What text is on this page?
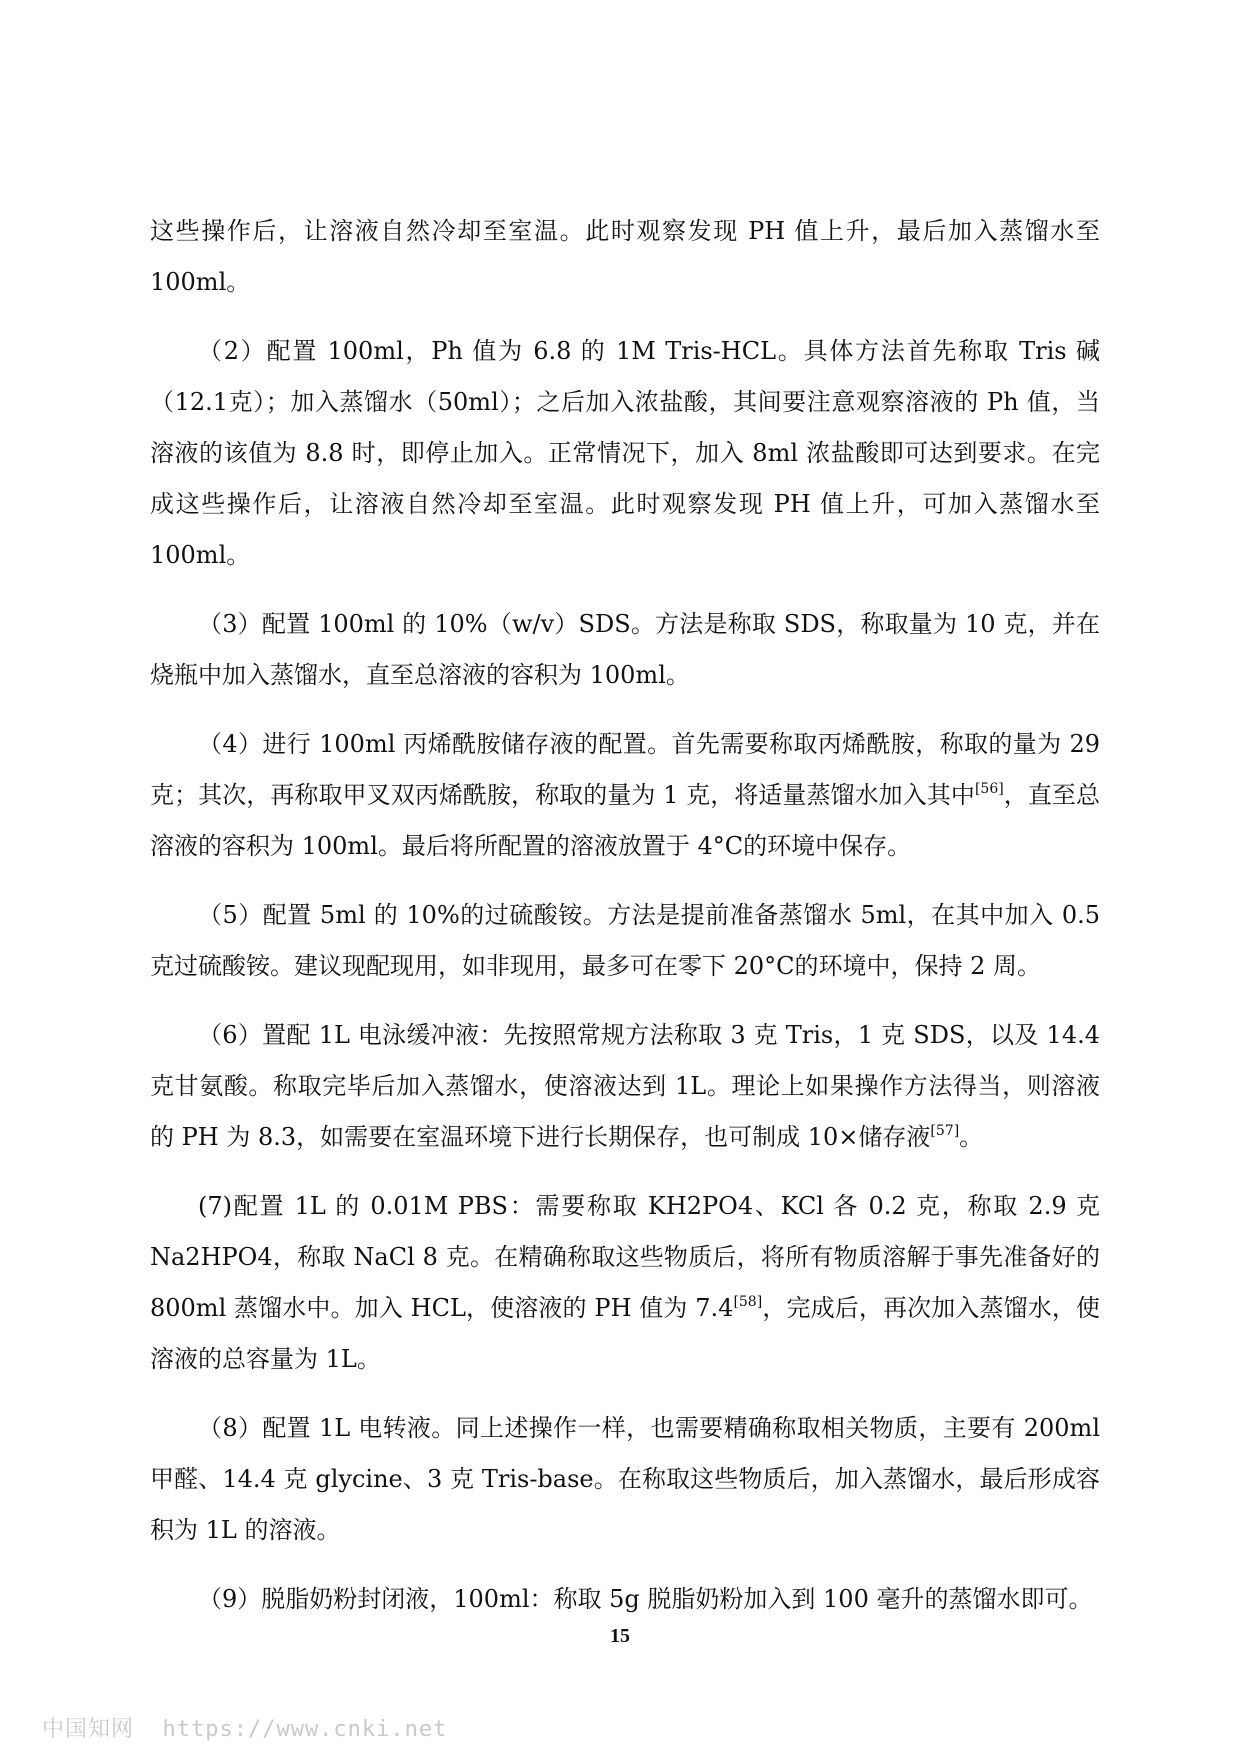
这些操作后，让溶液自然冷却至室温。此时观察发现 PH 值上升，最后加入蒸馏水至100ml。

（2）配置 100ml，Ph 值为 6.8 的 1M Tris-HCL。具体方法首先称取 Tris 碱（12.1克）；加入蒸馏水（50ml）；之后加入浓盐酸，其间要注意观察溶液的 Ph 值，当溶液的该值为 8.8 时，即停止加入。正常情况下，加入 8ml 浓盐酸即可达到要求。在完成这些操作后，让溶液自然冷却至室温。此时观察发现 PH 值上升，可加入蒸馏水至 100ml。

（3）配置 100ml 的 10%（w/v）SDS。方法是称取 SDS，称取量为 10 克，并在烧瓶中加入蒸馏水，直至总溶液的容积为 100ml。

（4）进行 100ml 丙烯酰胺储存液的配置。首先需要称取丙烯酰胺，称取的量为 29克；其次，再称取甲叉双丙烯酰胺，称取的量为 1 克，将适量蒸馏水加入其中[56]，直至总溶液的容积为 100ml。最后将所配置的溶液放置于 4°C的环境中保存。

（5）配置 5ml 的 10%的过硫酸铵。方法是提前准备蒸馏水 5ml，在其中加入 0.5克过硫酸铵。建议现配现用，如非现用，最多可在零下 20°C的环境中，保持 2 周。

（6）置配 1L 电泳缓冲液：先按照常规方法称取 3 克 Tris，1 克 SDS，以及 14.4 克甘氨酸。称取完毕后加入蒸馏水，使溶液达到 1L。理论上如果操作方法得当，则溶液的 PH 为 8.3，如需要在室温环境下进行长期保存，也可制成 10×储存液[57]。

(7)配置 1L 的 0.01M PBS：需要称取 KH2PO4、KCl 各 0.2 克，称取 2.9 克 Na2HPO4，称取 NaCl 8 克。在精确称取这些物质后，将所有物质溶解于事先准备好的 800ml 蒸馏水中。加入 HCL，使溶液的 PH 值为 7.4[58]，完成后，再次加入蒸馏水，使溶液的总容量为 1L。

（8）配置 1L 电转液。同上述操作一样，也需要精确称取相关物质，主要有 200ml甲醛、14.4 克 glycine、3 克 Tris-base。在称取这些物质后，加入蒸馏水，最后形成容积为 1L 的溶液。

（9）脱脂奶粉封闭液，100ml：称取 5g 脱脂奶粉加入到 100 毫升的蒸馏水即可。

15
中国知网  https://www.cnki.net
